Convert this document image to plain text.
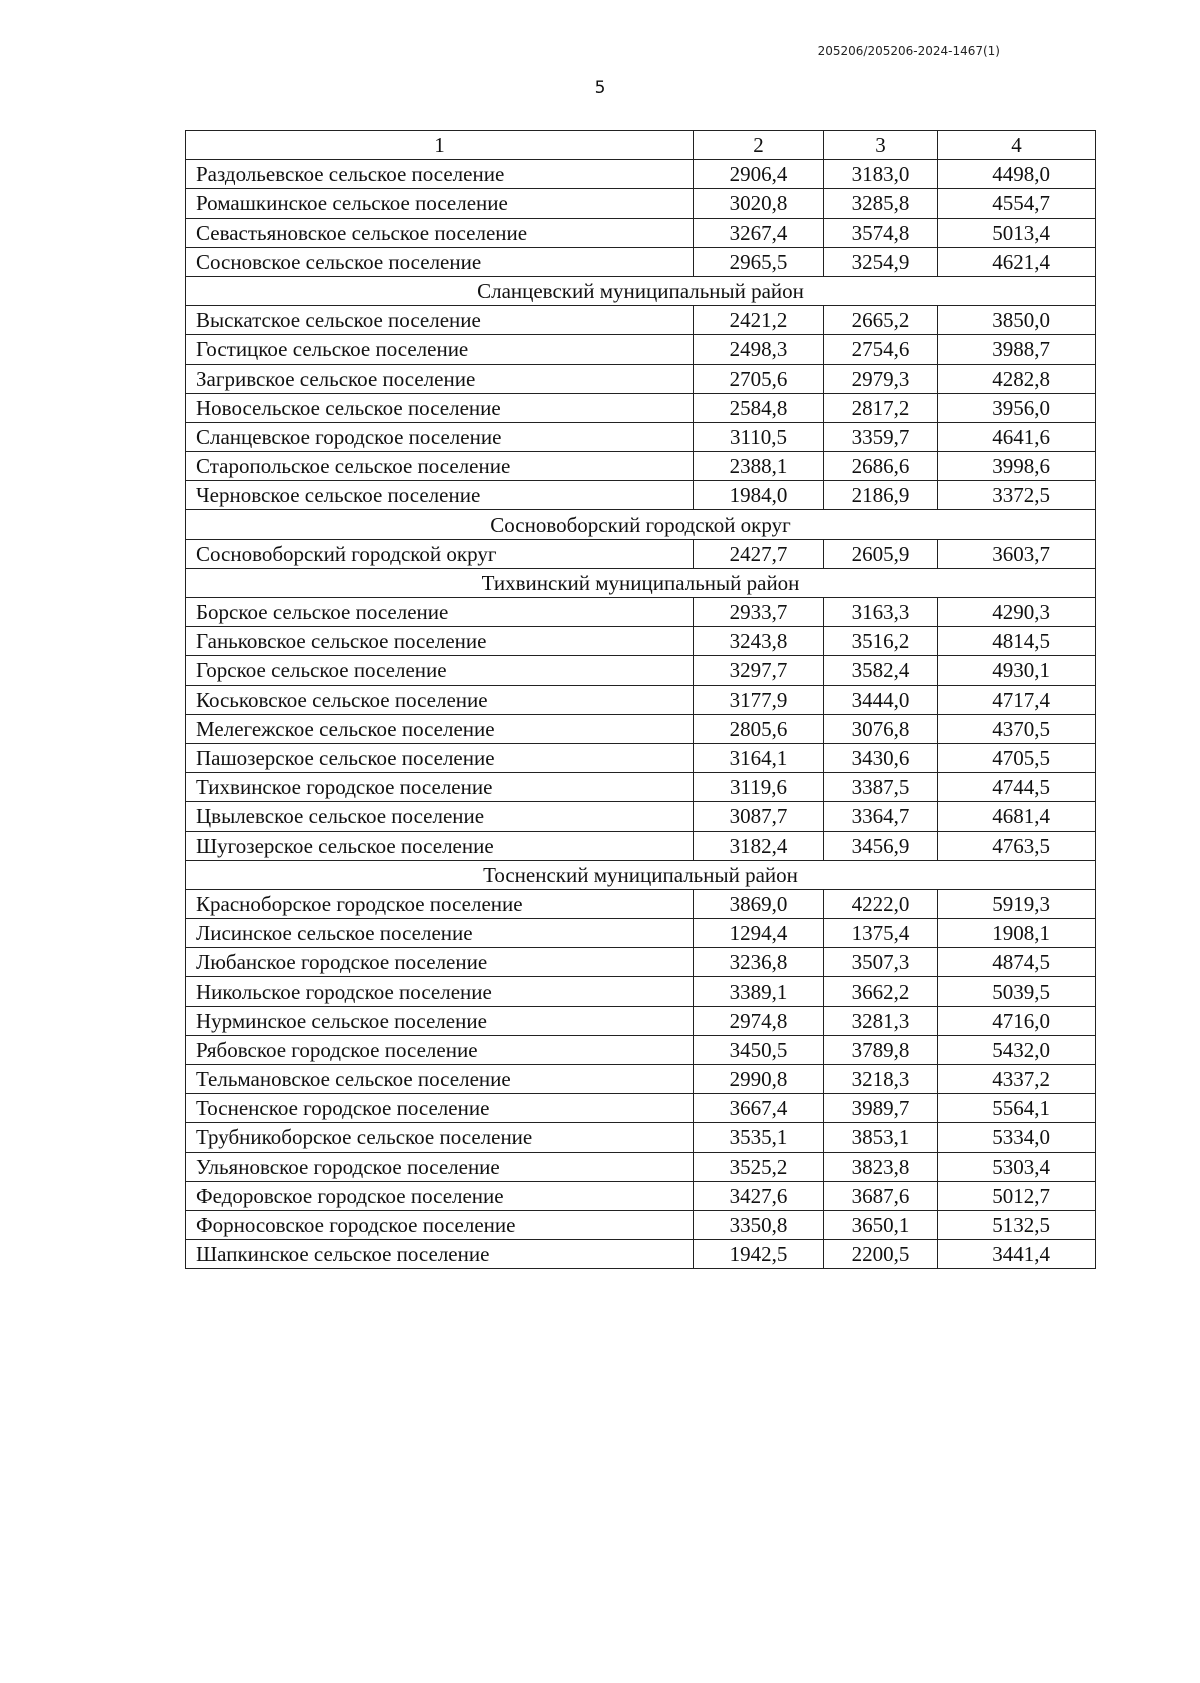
205206/205206-2024-1467(1)
5
1	2	3	4
Раздольевское сельское поселение	2906,4	3183,0	4498,0
Ромашкинское сельское поселение	3020,8	3285,8	4554,7
Севастьяновское сельское поселение	3267,4	3574,8	5013,4
Сосновское сельское поселение	2965,5	3254,9	4621,4
Сланцевский муниципальный район			
Выскатское сельское поселение	2421,2	2665,2	3850,0
Гостицкое сельское поселение	2498,3	2754,6	3988,7
Загривское сельское поселение	2705,6	2979,3	4282,8
Новосельское сельское поселение	2584,8	2817,2	3956,0
Сланцевское городское поселение	3110,5	3359,7	4641,6
Старопольское сельское поселение	2388,1	2686,6	3998,6
Черновское сельское поселение	1984,0	2186,9	3372,5
Сосновоборский городской округ			
Сосновоборский городской округ	2427,7	2605,9	3603,7
Тихвинский муниципальный район			
Борское сельское поселение	2933,7	3163,3	4290,3
Ганьковское сельское поселение	3243,8	3516,2	4814,5
Горское сельское поселение	3297,7	3582,4	4930,1
Коськовское сельское поселение	3177,9	3444,0	4717,4
Мелегежское сельское поселение	2805,6	3076,8	4370,5
Пашозерское сельское поселение	3164,1	3430,6	4705,5
Тихвинское городское поселение	3119,6	3387,5	4744,5
Цвылевское сельское поселение	3087,7	3364,7	4681,4
Шугозерское сельское поселение	3182,4	3456,9	4763,5
Тосненский муниципальный район			
Красноборское городское поселение	3869,0	4222,0	5919,3
Лисинское сельское поселение	1294,4	1375,4	1908,1
Любанское городское поселение	3236,8	3507,3	4874,5
Никольское городское поселение	3389,1	3662,2	5039,5
Нурминское сельское поселение	2974,8	3281,3	4716,0
Рябовское городское поселение	3450,5	3789,8	5432,0
Тельмановское сельское поселение	2990,8	3218,3	4337,2
Тосненское городское поселение	3667,4	3989,7	5564,1
Трубникоборское сельское поселение	3535,1	3853,1	5334,0
Ульяновское городское поселение	3525,2	3823,8	5303,4
Федоровское городское поселение	3427,6	3687,6	5012,7
Форносовское городское поселение	3350,8	3650,1	5132,5
Шапкинское сельское поселение	1942,5	2200,5	3441,4
